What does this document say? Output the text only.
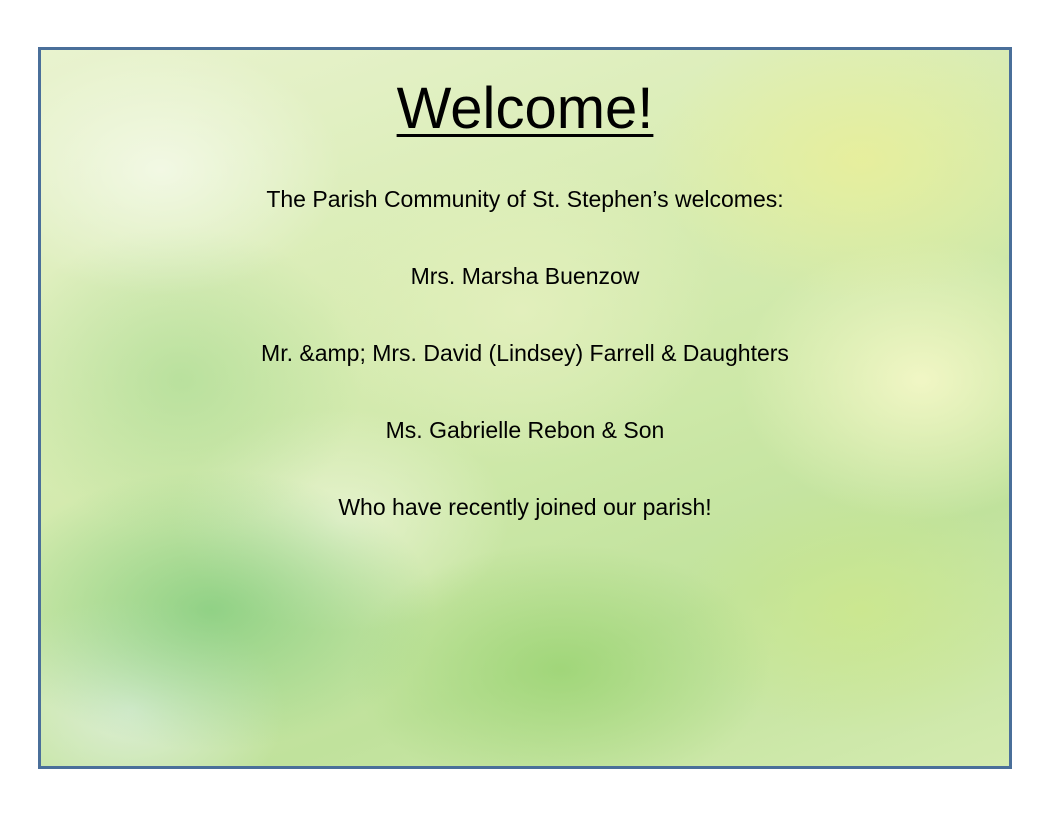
Welcome!

The Parish Community of St. Stephen’s welcomes:

Mrs. Marsha Buenzow

Mr. &amp; Mrs. David (Lindsey) Farrell & Daughters

Ms. Gabrielle Rebon & Son

Who have recently joined our parish!
